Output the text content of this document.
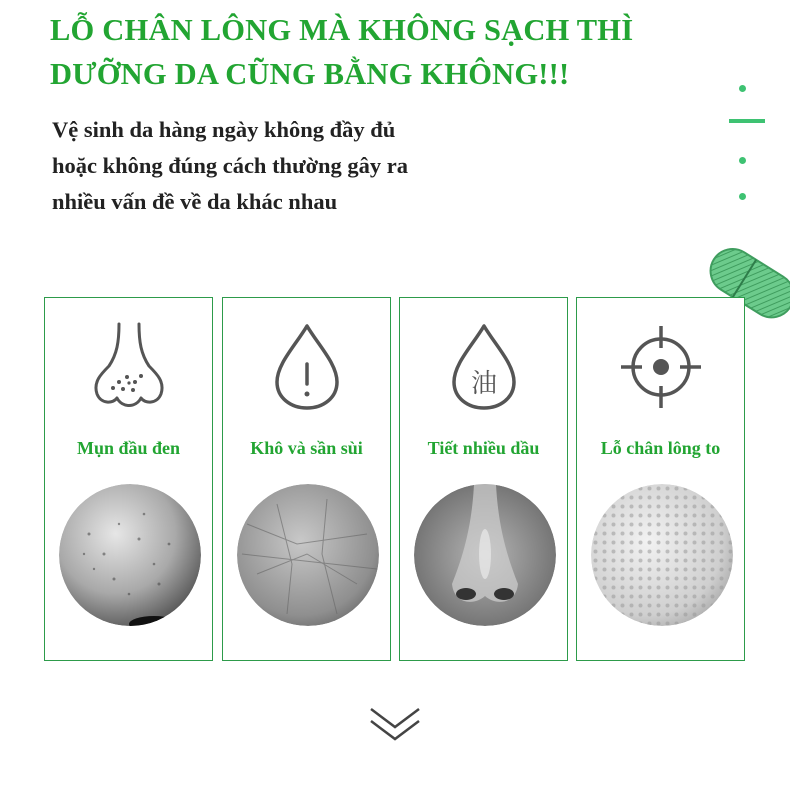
LỖ CHÂN LÔNG MÀ KHÔNG SẠCH THÌ
DƯỠNG DA CŨNG BẰNG KHÔNG!!!
Vệ sinh da hàng ngày không đầy đủ
hoặc không đúng cách thường gây ra
nhiều vấn đề về da khác nhau
Mụn đầu đen	Khô và sần sùi
油
Tiết nhiều dầu	Lỗ chân lông to
